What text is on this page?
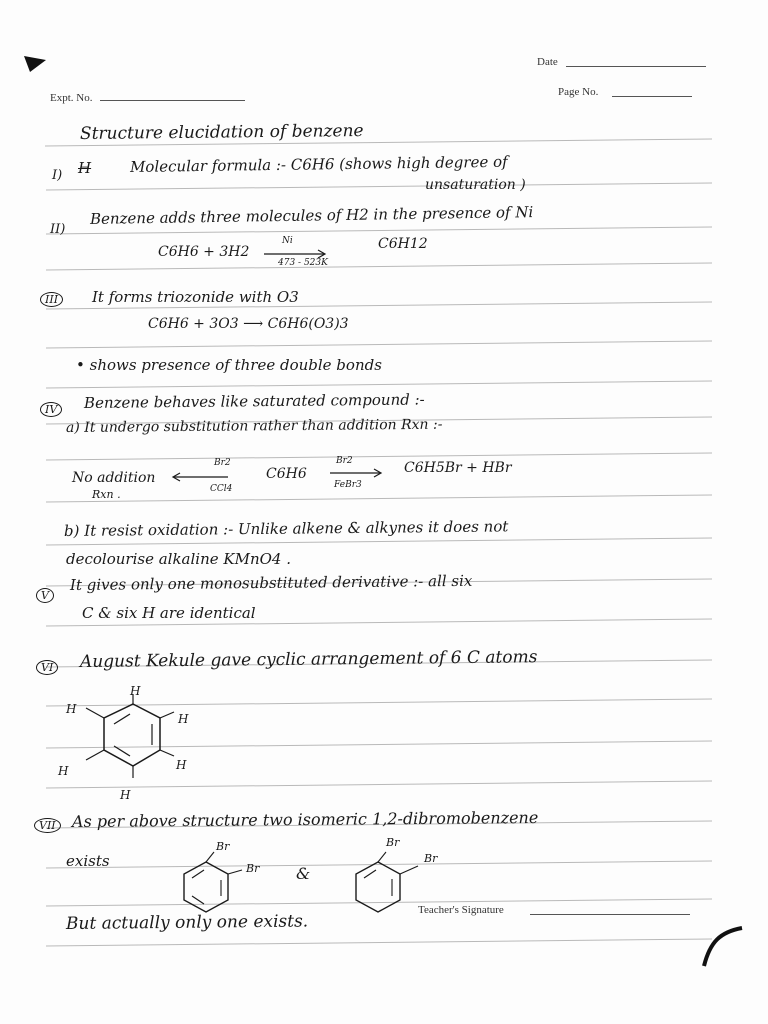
Date
Expt. No.	Page No.
Structure elucidation of benzene
I) H	Molecular formula :- C6H6 (shows high degree of
unsaturation )
II)
Benzene adds three molecules of H2 in the presence of Ni
C6H6 + 3H2
Ni
473 - 523K
C6H12
III	It forms triozonide with O3
C6H6 + 3O3 ⟶ C6H6(O3)3
• shows presence of three double bonds
IV	Benzene behaves like saturated compound :-
a) It undergo substitution rather than addition Rxn :-
No addition
Rxn .
Br2
CCl4
C6H6
Br2
FeBr3
C6H5Br + HBr
b) It resist oxidation :- Unlike alkene & alkynes it does not
decolourise alkaline KMnO4 .
V
It gives only one monosubstituted derivative :- all six
C & six H are identical
VI August Kekule gave cyclic arrangement of 6 C atoms
H
H
H
H	H
H
VII	As per above structure two isomeric 1,2-dibromobenzene
exists
Br
Br &
Br
Br
But actually only one exists.
Teacher's Signature
